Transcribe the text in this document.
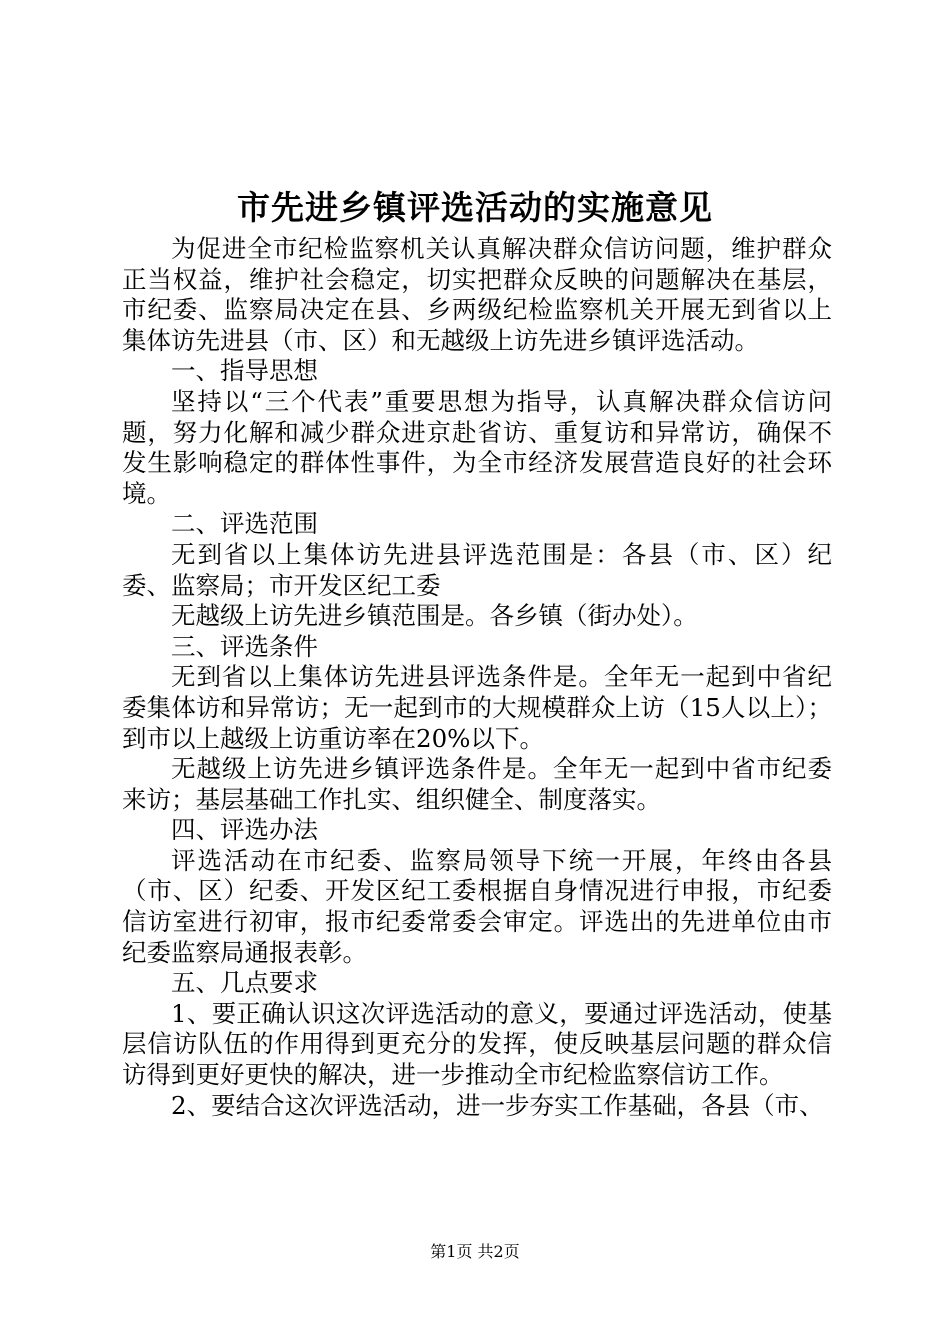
市先进乡镇评选活动的实施意见

为促进全市纪检监察机关认真解决群众信访问题，维护群众正当权益，维护社会稳定，切实把群众反映的问题解决在基层，市纪委、监察局决定在县、乡两级纪检监察机关开展无到省以上集体访先进县（市、区）和无越级上访先进乡镇评选活动。

一、指导思想

坚持以“三个代表”重要思想为指导，认真解决群众信访问题，努力化解和减少群众进京赴省访、重复访和异常访，确保不发生影响稳定的群体性事件，为全市经济发展营造良好的社会环境。

二、评选范围

无到省以上集体访先进县评选范围是：各县（市、区）纪委、监察局；市开发区纪工委

无越级上访先进乡镇范围是。各乡镇（街办处）。

三、评选条件

无到省以上集体访先进县评选条件是。全年无一起到中省纪委集体访和异常访；无一起到市的大规模群众上访（15人以上）；到市以上越级上访重访率在20%以下。

无越级上访先进乡镇评选条件是。全年无一起到中省市纪委来访；基层基础工作扎实、组织健全、制度落实。

四、评选办法

评选活动在市纪委、监察局领导下统一开展，年终由各县（市、区）纪委、开发区纪工委根据自身情况进行申报，市纪委信访室进行初审，报市纪委常委会审定。评选出的先进单位由市纪委监察局通报表彰。

五、几点要求

1、要正确认识这次评选活动的意义，要通过评选活动，使基层信访队伍的作用得到更充分的发挥，使反映基层问题的群众信访得到更好更快的解决，进一步推动全市纪检监察信访工作。

2、要结合这次评选活动，进一步夯实工作基础，各县（市、

第1页 共2页
